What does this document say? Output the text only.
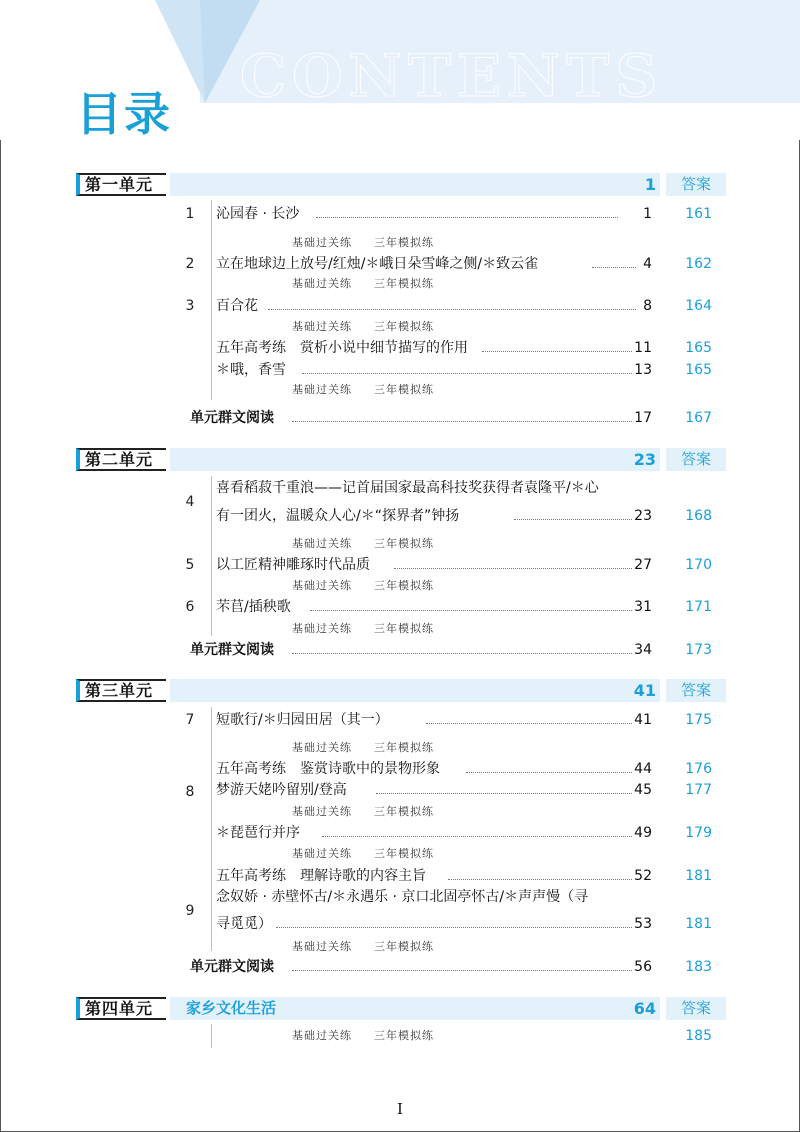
CONTENTS
目录
第一单元	1	答案
1	沁园春 · 长沙	1	161
基础过关练 三年模拟练
2	立在地球边上放号/红烛/＊峨日朵雪峰之侧/＊致云雀	4	162
基础过关练 三年模拟练
3	百合花	8	164
基础过关练 三年模拟练
五年高考练　赏析小说中细节描写的作用	11	165
＊哦，香雪	13	165
基础过关练 三年模拟练
单元群文阅读	17	167
第二单元	23	答案
4
喜看稻菽千重浪——记首届国家最高科技奖获得者袁隆平/＊心
有一团火，温暖众人心/＊“探界者”钟扬	23	168
基础过关练 三年模拟练
5	以工匠精神雕琢时代品质	27	170
基础过关练 三年模拟练
6	芣苢/插秧歌	31	171
基础过关练 三年模拟练
单元群文阅读	34	173
第三单元	41	答案
7	短歌行/＊归园田居（其一）	41	175
基础过关练 三年模拟练
五年高考练　鉴赏诗歌中的景物形象	44	176
8	梦游天姥吟留别/登高	45	177
基础过关练 三年模拟练
＊琵琶行并序	49	179
基础过关练 三年模拟练
五年高考练　理解诗歌的内容主旨	52	181
9
念奴娇 · 赤壁怀古/＊永遇乐 · 京口北固亭怀古/＊声声慢（寻
寻觅觅）	53	181
基础过关练 三年模拟练
单元群文阅读	56	183
第四单元	家乡文化生活	64	答案
基础过关练 三年模拟练	185
I
